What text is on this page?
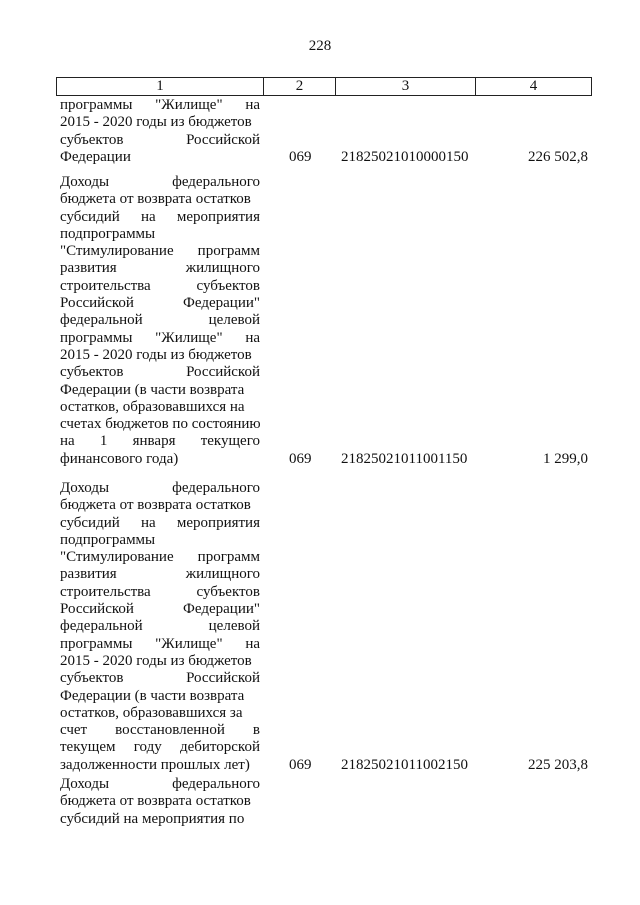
228
1	2	3	4
программы "Жилище" на
2015 - 2020 годы из бюджетов
субъектов	Российской
Федерации	069 21825021010000150	226 502,8
Доходы	федерального
бюджета от возврата остатков
субсидий на мероприятия
подпрограммы
"Стимулирование программ
развития	жилищного
строительства	субъектов
Российской	Федерации"
федеральной	целевой
программы "Жилище" на
2015 - 2020 годы из бюджетов
субъектов	Российской
Федерации (в части возврата
остатков, образовавшихся на
счетах бюджетов по состоянию
на 1 января текущего
финансового года)	069 21825021011001150	1 299,0
Доходы	федерального
бюджета от возврата остатков
субсидий на мероприятия
подпрограммы
"Стимулирование программ
развития	жилищного
строительства	субъектов
Российской	Федерации"
федеральной	целевой
программы "Жилище" на
2015 - 2020 годы из бюджетов
субъектов	Российской
Федерации (в части возврата
остатков, образовавшихся за
счет восстановленной в
текущем году дебиторской
задолженности прошлых лет)	069 21825021011002150	225 203,8
Доходы	федерального
бюджета от возврата остатков
субсидий на мероприятия по
